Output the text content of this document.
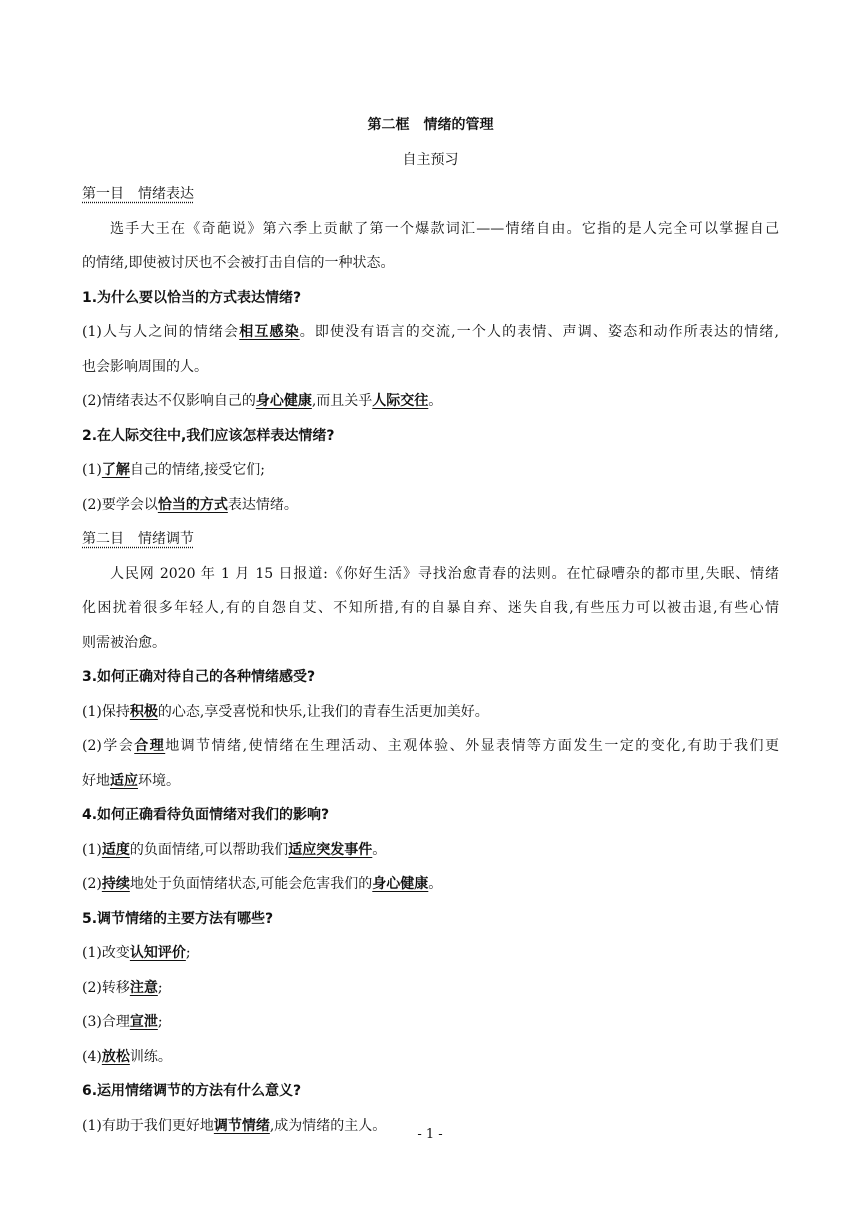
第二框　情绪的管理
自主预习
第一目　情绪表达
选手大王在《奇葩说》第六季上贡献了第一个爆款词汇——情绪自由。它指的是人完全可以掌握自己
的情绪,即使被讨厌也不会被打击自信的一种状态。
1.为什么要以恰当的方式表达情绪?
(1)人与人之间的情绪会相互感染。即使没有语言的交流,一个人的表情、声调、姿态和动作所表达的情绪,
也会影响周围的人。
(2)情绪表达不仅影响自己的身心健康,而且关乎人际交往。
2.在人际交往中,我们应该怎样表达情绪?
(1)了解自己的情绪,接受它们;
(2)要学会以恰当的方式表达情绪。
第二目　情绪调节
人民网 2020 年 1 月 15 日报道:《你好生活》寻找治愈青春的法则。在忙碌嘈杂的都市里,失眠、情绪
化困扰着很多年轻人,有的自怨自艾、不知所措,有的自暴自弃、迷失自我,有些压力可以被击退,有些心情
则需被治愈。
3.如何正确对待自己的各种情绪感受?
(1)保持积极的心态,享受喜悦和快乐,让我们的青春生活更加美好。
(2)学会合理地调节情绪,使情绪在生理活动、主观体验、外显表情等方面发生一定的变化,有助于我们更
好地适应环境。
4.如何正确看待负面情绪对我们的影响?
(1)适度的负面情绪,可以帮助我们适应突发事件。
(2)持续地处于负面情绪状态,可能会危害我们的身心健康。
5.调节情绪的主要方法有哪些?
(1)改变认知评价;
(2)转移注意;
(3)合理宣泄;
(4)放松训练。
6.运用情绪调节的方法有什么意义?
(1)有助于我们更好地调节情绪,成为情绪的主人。
- 1 -
